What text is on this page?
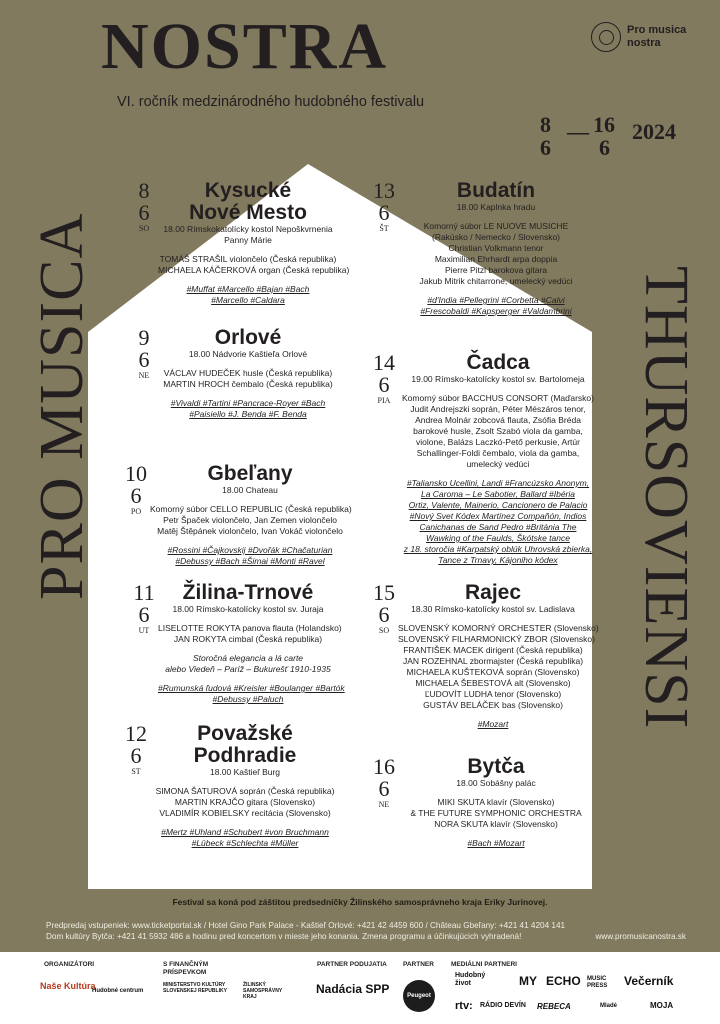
NOSTRA
VI. ročník medzinárodného hudobného festivalu
Pro musica
nostra
8
6
— 16
6
2024
PRO MUSICA	THURSOVIENSI
8
6
SO
Kysucké Nové Mesto
18.00 Rímskokatolícky kostol Nepoškvrnenia Panny Márie
TOMÁŠ STRAŠIL violončelo (Česká republika)
MICHAELA KÁČERKOVÁ organ (Česká republika)
#Muffat #Marcello #Bajan #Bach
#Marcello #Caldara
9
6
NE
Orlové
18.00 Nádvorie Kaštieľa Orlové
VÁCLAV HUDEČEK husle (Česká republika)
MARTIN HROCH čembalo (Česká republika)
#Vivaldi #Tartini #Pancrace-Royer #Bach
#Paisiello #J. Benda #F. Benda
10
6
PO
Gbeľany
18.00 Chateau
Komorný súbor CELLO REPUBLIC (Česká republika)
Petr Špaček violončelo, Jan Zemen violončelo
Matěj Štěpánek violončelo, Ivan Vokáč violončelo
#Rossini #Čajkovskij #Dvořák #Chačaturian
#Debussy #Bach #Šimai #Monti #Ravel
11
6
UT
Žilina-Trnové
18.00 Rímsko-katolícky kostol sv. Juraja
LISELOTTE ROKYTA panova flauta (Holandsko)
JAN ROKYTA cimbal (Česká republika)
Storočná elegancia a lá carte
alebo Viedeň – Paríž – Bukurešť 1910-1935
#Rumunská ľudová #Kreisler #Boulanger #Bartók
#Debussy #Paluch
12
6
ST
Považské Podhradie
18.00 Kaštieľ Burg
SIMONA ŠATUROVÁ soprán (Česká republika)
MARTIN KRAJČO gitara (Slovensko)
VLADIMÍR KOBIELSKY recitácia (Slovensko)
#Mertz #Uhland #Schubert #von Bruchmann
#Lübeck #Schlechta #Müller
13
6
ŠT
Budatín
18.00 Kaplnka hradu
Komorný súbor LE NUOVE MUSICHE
(Rakúsko / Nemecko / Slovensko)
Christian Volkmann tenor
Maximilian Ehrhardt arpa doppia
Pierre Pitzl barokova gitara
Jakub Mitrik chitarrone, umelecký vedúci
#d'India #Pellegrini #Corbetta #Calvi
#Frescobaldi #Kapsperger #Valdambrini
14
6
PIA
Čadca
19.00 Rímsko-katolícky kostol sv. Bartolomeja
Komorný súbor BACCHUS CONSORT (Maďarsko)
Judit Andrejszki soprán, Péter Mészáros tenor,
Andrea Molnár zobcová flauta, Zsófia Bréda
barokové husle, Zsolt Szabó viola da gamba,
violone, Balázs Laczkó-Pető perkusie, Artúr
Schallinger-Foldi čembalo, viola da gamba,
umelecký vedúci
#Taliansko Ucellini, Landi #Francúzsko Anonym,
La Caroma – Le Sabotier, Ballard #Ibéria
Ortiz, Valente, Mainerio, Cancionero de Palacio
#Nový Svet Kódex Martínez Compañón, Indios
Canichanas de Sand Pedro #Británia The
Wawking of the Faulds, Škótske tance
z 18. storočia #Karpatský oblúk Uhrovská zbierka,
Tance z Trnavy, Kájoniho kódex
15
6
SO
Rajec
18.30 Rímsko-katolícky kostol sv. Ladislava
SLOVENSKÝ KOMORNÝ ORCHESTER (Slovensko)
SLOVENSKÝ FILHARMONICKÝ ZBOR (Slovensko)
FRANTIŠEK MACEK dirigent (Česká republika)
JAN ROZEHNAL zbormajster (Česká republika)
MICHAELA KUŠTEKOVÁ soprán (Slovensko)
MICHAELA ŠEBESTOVÁ alt (Slovensko)
ĽUDOVÍT LUDHA tenor (Slovensko)
GUSTÁV BELÁČEK bas (Slovensko)
#Mozart
16
6
NE
Bytča
18.00 Sobášny palác
MIKI SKUTA klavír (Slovensko)
& THE FUTURE SYMPHONIC ORCHESTRA
NORA SKUTA klavír (Slovensko)
#Bach #Mozart
Festival sa koná pod záštitou predsedníčky Žilinského samosprávneho kraja Eriky Jurinovej.
Predpredaj vstupeniek: www.ticketportal.sk / Hotel Gino Park Palace - Kaštieľ Orlové: +421 42 4459 600 / Château Gbeľany: +421 41 4204 141
Dom kultúry Bytča: +421 41 5932 486 a hodinu pred koncertom v mieste jeho konania. Zmena programu a účinkujúcich vyhradená!	www.promusicanostra.sk
ORGANIZÁTORI	S FINANČNÝM PRÍSPEVKOM
PARTNER PODUJATIA PARTNER	MEDIÁLNI PARTNERI
Naše Kultúra
Hudobné centrum
MINISTERSTVO KULTÚRY SLOVENSKEJ REPUBLIKY
ŽILINSKÝ SAMOSPRÁVNY KRAJ
Nadácia SPP	Peugeot
Hudobný život	MY ECHO MUSIC PRESS	Večerník
rtv: RÁDIO DEVÍN REBECA	Mladé	MOJA
